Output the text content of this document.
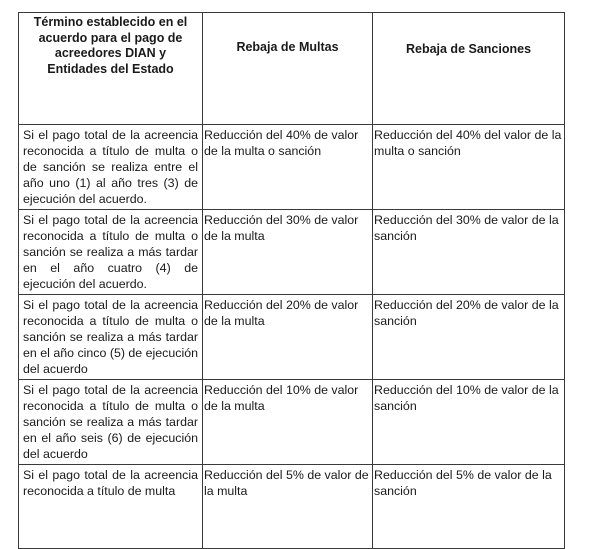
Término establecido en el acuerdo para el pago de acreedores DIAN y Entidades del Estado	Rebaja de Multas	Rebaja de Sanciones
Si el pago total de la acreencia reconocida a título de multa o de sanción se realiza entre el año uno (1) al año tres (3) de ejecución del acuerdo.	Reducción del 40% de valor de la multa o sanción	Reducción del 40% del valor de la multa o sanción
Si el pago total de la acreencia reconocida a título de multa o sanción se realiza a más tardar en el año cuatro (4) de ejecución del acuerdo.	Reducción del 30% de valor de la multa	Reducción del 30% de valor de la sanción
Si el pago total de la acreencia reconocida a título de multa o sanción se realiza a más tardar en el año cinco (5) de ejecución del acuerdo	Reducción del 20% de valor de la multa	Reducción del 20% de valor de la sanción
Si el pago total de la acreencia reconocida a título de multa o sanción se realiza a más tardar en el año seis (6) de ejecución del acuerdo	Reducción del 10% de valor de la multa	Reducción del 10% de valor de la sanción
Si el pago total de la acreencia reconocida a título de multa	Reducción del 5% de valor de la multa	Reducción del 5% de valor de la sanción
